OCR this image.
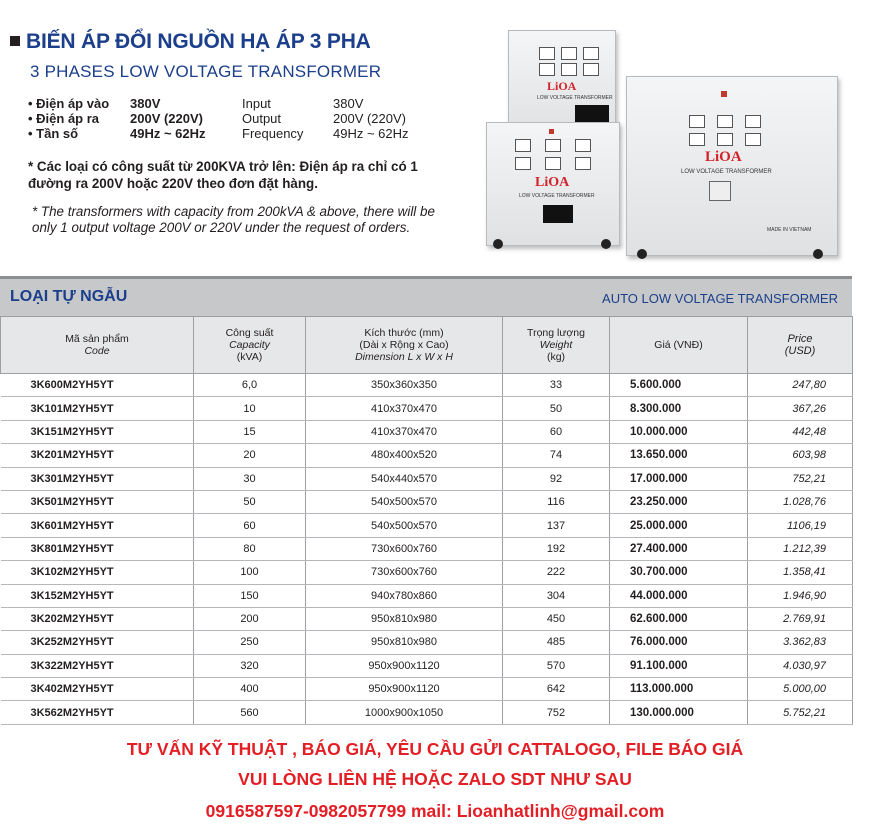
BIẾN ÁP ĐỔI NGUỒN HẠ ÁP 3 PHA
3 PHASES LOW VOLTAGE TRANSFORMER
• Điện áp vào 380V	Input	380V
• Điện áp ra 200V (220V)	Output	200V (220V)
• Tần số	49Hz ~ 62Hz	Frequency 49Hz ~ 62Hz
* Các loại có công suất từ 200KVA trở lên: Điện áp ra chỉ có 1 đường ra 200V hoặc 220V theo đơn đặt hàng.
* The transformers with capacity from 200kVA & above, there will be only 1 output voltage 200V or 220V under the request of orders.
LiOA
LOW VOLTAGE TRANSFORMER
LiOA
LOW VOLTAGE TRANSFORMER
MADE IN VIETNAM
LiOA
LOW VOLTAGE TRANSFORMER
LOẠI TỰ NGẪU	AUTO LOW VOLTAGE TRANSFORMER
Mã sản phẩm
Code	Công suất
Capacity
(kVA)	Kích thước (mm)
(Dài x Rộng x Cao)
Dimension L x W x H	Trọng lượng
Weight
(kg)	Giá (VNĐ)	Price
(USD)
3K600M2YH5YT	6,0	350x360x350	33	5.600.000	247,80
3K101M2YH5YT	10	410x370x470	50	8.300.000	367,26
3K151M2YH5YT	15	410x370x470	60	10.000.000	442,48
3K201M2YH5YT	20	480x400x520	74	13.650.000	603,98
3K301M2YH5YT	30	540x440x570	92	17.000.000	752,21
3K501M2YH5YT	50	540x500x570	116	23.250.000	1.028,76
3K601M2YH5YT	60	540x500x570	137	25.000.000	1106,19
3K801M2YH5YT	80	730x600x760	192	27.400.000	1.212,39
3K102M2YH5YT	100	730x600x760	222	30.700.000	1.358,41
3K152M2YH5YT	150	940x780x860	304	44.000.000	1.946,90
3K202M2YH5YT	200	950x810x980	450	62.600.000	2.769,91
3K252M2YH5YT	250	950x810x980	485	76.000.000	3.362,83
3K322M2YH5YT	320	950x900x1120	570	91.100.000	4.030,97
3K402M2YH5YT	400	950x900x1120	642	113.000.000	5.000,00
3K562M2YH5YT	560	1000x900x1050	752	130.000.000	5.752,21
TƯ VẤN KỸ THUẬT , BÁO GIÁ, YÊU CẦU GỬI CATTALOGO, FILE BÁO GIÁ
VUI LÒNG LIÊN HỆ HOẶC ZALO SDT NHƯ SAU
0916587597-0982057799 mail: Lioanhatlinh@gmail.com
